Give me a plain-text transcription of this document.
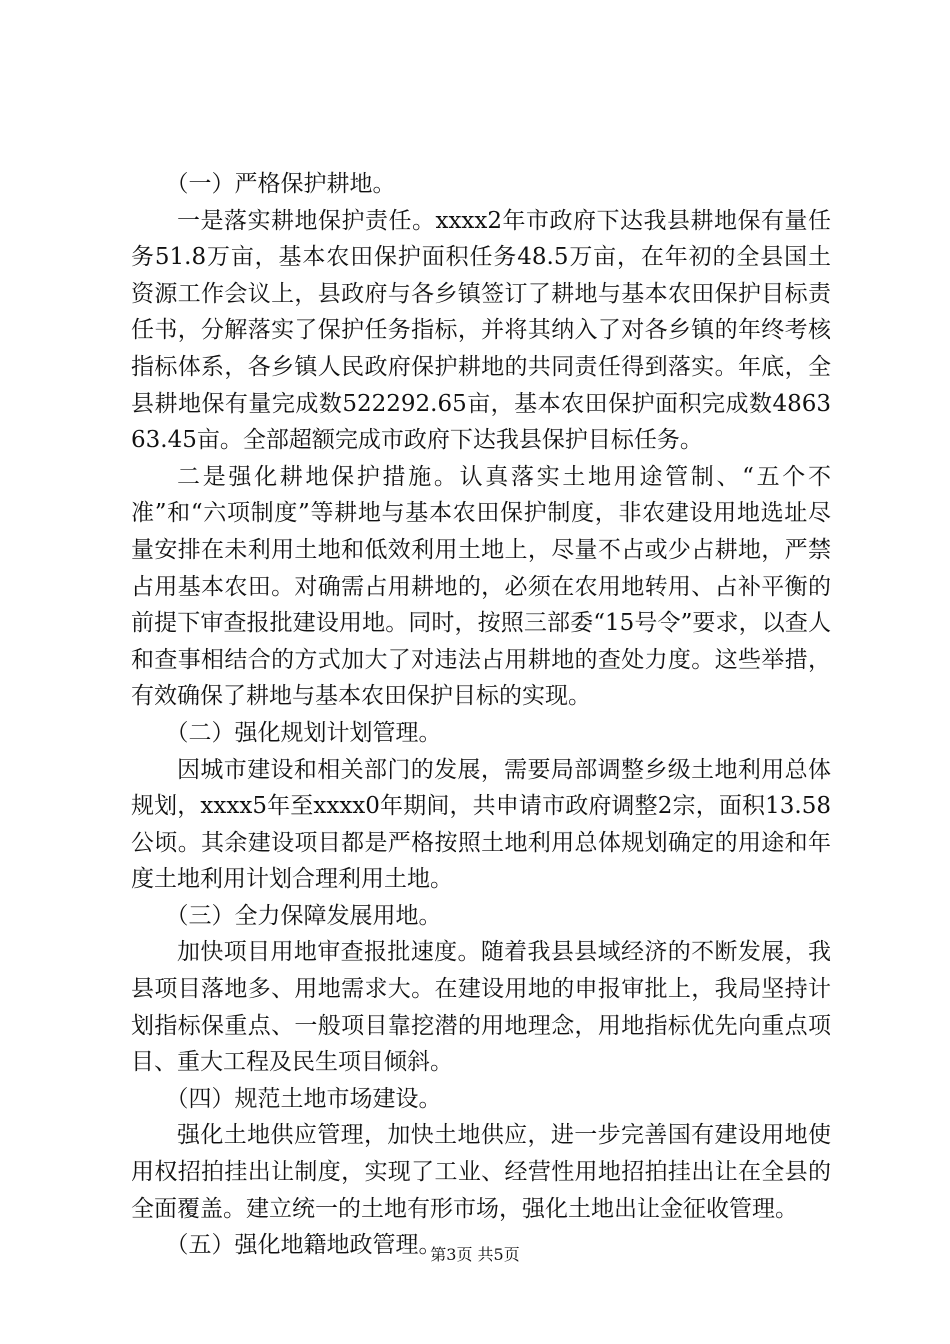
（一）严格保护耕地。

一是落实耕地保护责任。xxxx2年市政府下达我县耕地保有量任务51.8万亩，基本农田保护面积任务48.5万亩，在年初的全县国土资源工作会议上，县政府与各乡镇签订了耕地与基本农田保护目标责任书，分解落实了保护任务指标，并将其纳入了对各乡镇的年终考核指标体系，各乡镇人民政府保护耕地的共同责任得到落实。年底，全县耕地保有量完成数522292.65亩，基本农田保护面积完成数486363.45亩。全部超额完成市政府下达我县保护目标任务。

二是强化耕地保护措施。认真落实土地用途管制、“五个不准”和“六项制度”等耕地与基本农田保护制度，非农建设用地选址尽量安排在未利用土地和低效利用土地上，尽量不占或少占耕地，严禁占用基本农田。对确需占用耕地的，必须在农用地转用、占补平衡的前提下审查报批建设用地。同时，按照三部委“15号令”要求，以查人和查事相结合的方式加大了对违法占用耕地的查处力度。这些举措，有效确保了耕地与基本农田保护目标的实现。

（二）强化规划计划管理。

因城市建设和相关部门的发展，需要局部调整乡级土地利用总体规划，xxxx5年至xxxx0年期间，共申请市政府调整2宗，面积13.58公顷。其余建设项目都是严格按照土地利用总体规划确定的用途和年度土地利用计划合理利用土地。

（三）全力保障发展用地。

加快项目用地审查报批速度。随着我县县域经济的不断发展，我县项目落地多、用地需求大。在建设用地的申报审批上，我局坚持计划指标保重点、一般项目靠挖潜的用地理念，用地指标优先向重点项目、重大工程及民生项目倾斜。

（四）规范土地市场建设。

强化土地供应管理，加快土地供应，进一步完善国有建设用地使用权招拍挂出让制度，实现了工业、经营性用地招拍挂出让在全县的全面覆盖。建立统一的土地有形市场，强化土地出让金征收管理。

（五）强化地籍地政管理。

第3页 共5页
